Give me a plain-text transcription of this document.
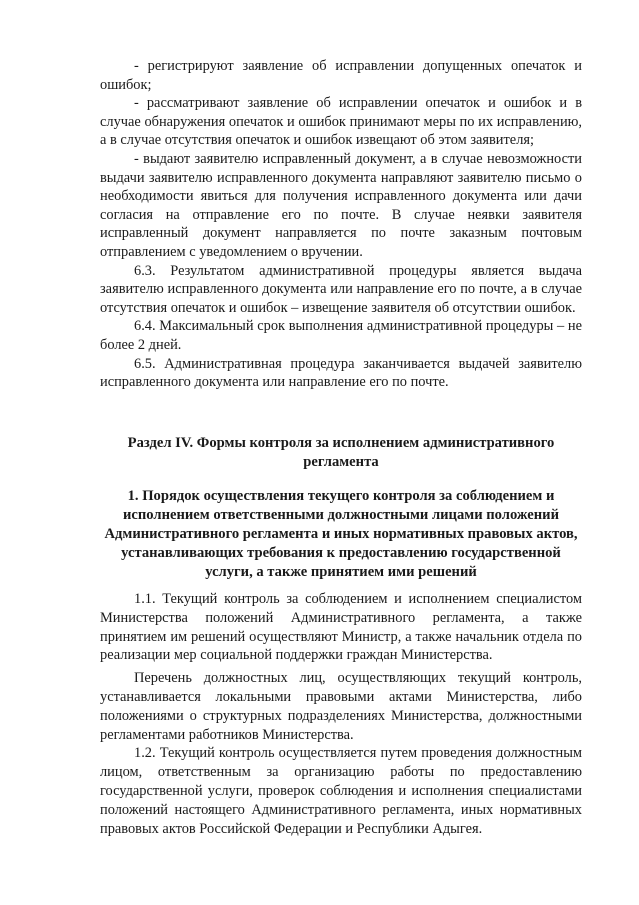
- регистрируют заявление об исправлении допущенных опечаток и ошибок;

- рассматривают заявление об исправлении опечаток и ошибок и в случае обнаружения опечаток и ошибок принимают меры по их исправлению, а в случае отсутствия опечаток и ошибок извещают об этом заявителя;

- выдают заявителю исправленный документ, а в случае невозможности выдачи заявителю исправленного документа направляют заявителю письмо о необходимости явиться для получения исправленного документа или дачи согласия на отправление его по почте. В случае неявки заявителя исправленный документ направляется по почте заказным почтовым отправлением с уведомлением о вручении.

6.3. Результатом административной процедуры является выдача заявителю исправленного документа или направление его по почте, а в случае отсутствия опечаток и ошибок – извещение заявителя об отсутствии ошибок.

6.4. Максимальный срок выполнения административной процедуры – не более 2 дней.

6.5. Административная процедура заканчивается выдачей заявителю исправленного документа или направление его по почте.

Раздел IV. Формы контроля за исполнением административного регламента

1. Порядок осуществления текущего контроля за соблюдением и исполнением ответственными должностными лицами положений Административного регламента и иных нормативных правовых актов, устанавливающих требования к предоставлению государственной услуги, а также принятием ими решений

1.1. Текущий контроль за соблюдением и исполнением специалистом Министерства положений Административного регламента, а также принятием им решений осуществляют Министр, а также начальник отдела по реализации мер социальной поддержки граждан Министерства.

Перечень должностных лиц, осуществляющих текущий контроль, устанавливается локальными правовыми актами Министерства, либо положениями о структурных подразделениях Министерства, должностными регламентами работников Министерства.

1.2. Текущий контроль осуществляется путем проведения должностным лицом, ответственным за организацию работы по предоставлению государственной услуги, проверок соблюдения и исполнения специалистами положений настоящего Административного регламента, иных нормативных правовых актов Российской Федерации и Республики Адыгея.
